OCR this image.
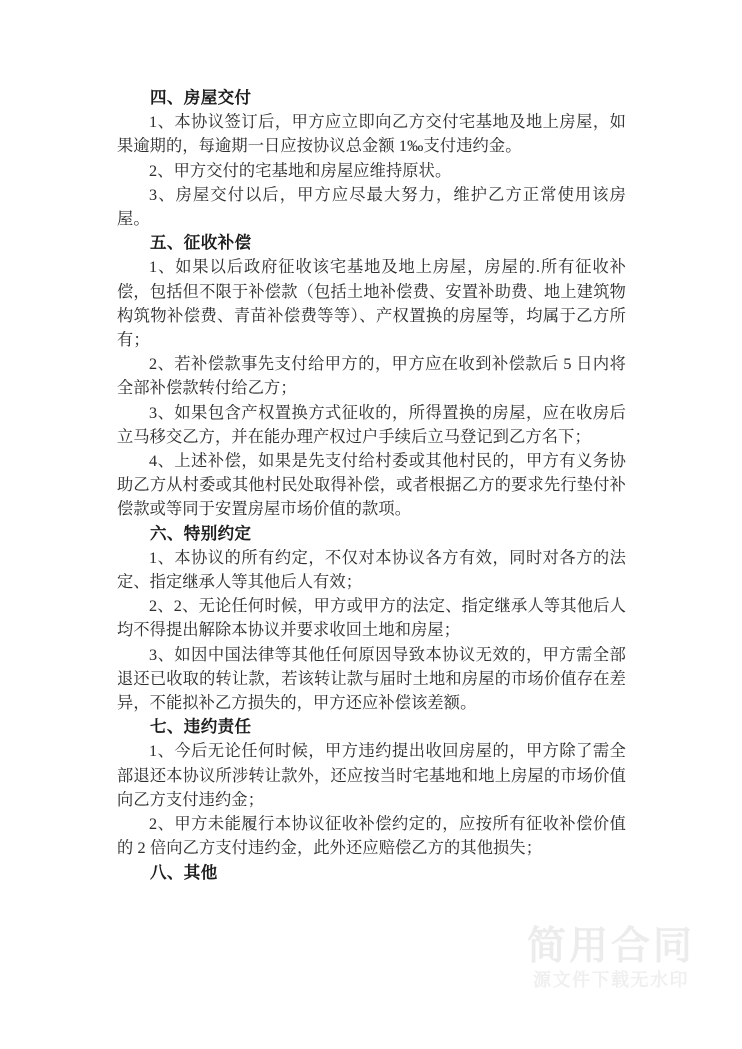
四、房屋交付

1、本协议签订后，甲方应立即向乙方交付宅基地及地上房屋，如果逾期的，每逾期一日应按协议总金额 1‰支付违约金。

2、甲方交付的宅基地和房屋应维持原状。

3、房屋交付以后，甲方应尽最大努力，维护乙方正常使用该房屋。

五、征收补偿

1、如果以后政府征收该宅基地及地上房屋，房屋的.所有征收补偿，包括但不限于补偿款（包括土地补偿费、安置补助费、地上建筑物构筑物补偿费、青苗补偿费等等）、产权置换的房屋等，均属于乙方所有；

2、若补偿款事先支付给甲方的，甲方应在收到补偿款后 5 日内将全部补偿款转付给乙方；

3、如果包含产权置换方式征收的，所得置换的房屋，应在收房后立马移交乙方，并在能办理产权过户手续后立马登记到乙方名下；

4、上述补偿，如果是先支付给村委或其他村民的，甲方有义务协助乙方从村委或其他村民处取得补偿，或者根据乙方的要求先行垫付补偿款或等同于安置房屋市场价值的款项。

六、特别约定

1、本协议的所有约定，不仅对本协议各方有效，同时对各方的法定、指定继承人等其他后人有效；

2、2、无论任何时候，甲方或甲方的法定、指定继承人等其他后人均不得提出解除本协议并要求收回土地和房屋；

3、如因中国法律等其他任何原因导致本协议无效的，甲方需全部退还已收取的转让款，若该转让款与届时土地和房屋的市场价值存在差异，不能拟补乙方损失的，甲方还应补偿该差额。

七、违约责任

1、今后无论任何时候，甲方违约提出收回房屋的，甲方除了需全部退还本协议所涉转让款外，还应按当时宅基地和地上房屋的市场价值向乙方支付违约金；

2、甲方未能履行本协议征收补偿约定的，应按所有征收补偿价值的 2 倍向乙方支付违约金，此外还应赔偿乙方的其他损失；

八、其他

简用合同
源文件下载无水印
